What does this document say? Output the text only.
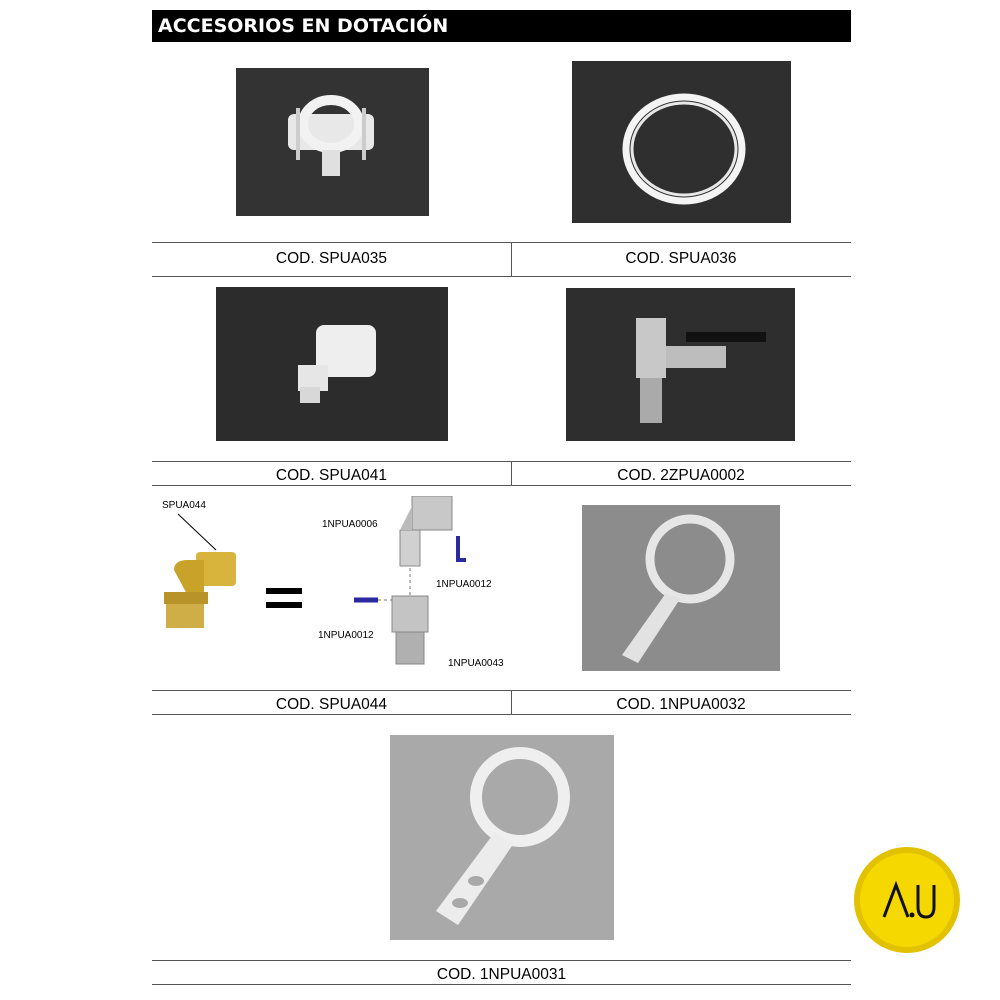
ACCESORIOS EN DOTACIÓN
COD. SPUA035	COD. SPUA036
COD. SPUA041	COD. 2ZPUA0002
SPUA044
1NPUA0006
1NPUA0012
1NPUA0012
1NPUA0043
COD. SPUA044	COD. 1NPUA0032
COD. 1NPUA0031
